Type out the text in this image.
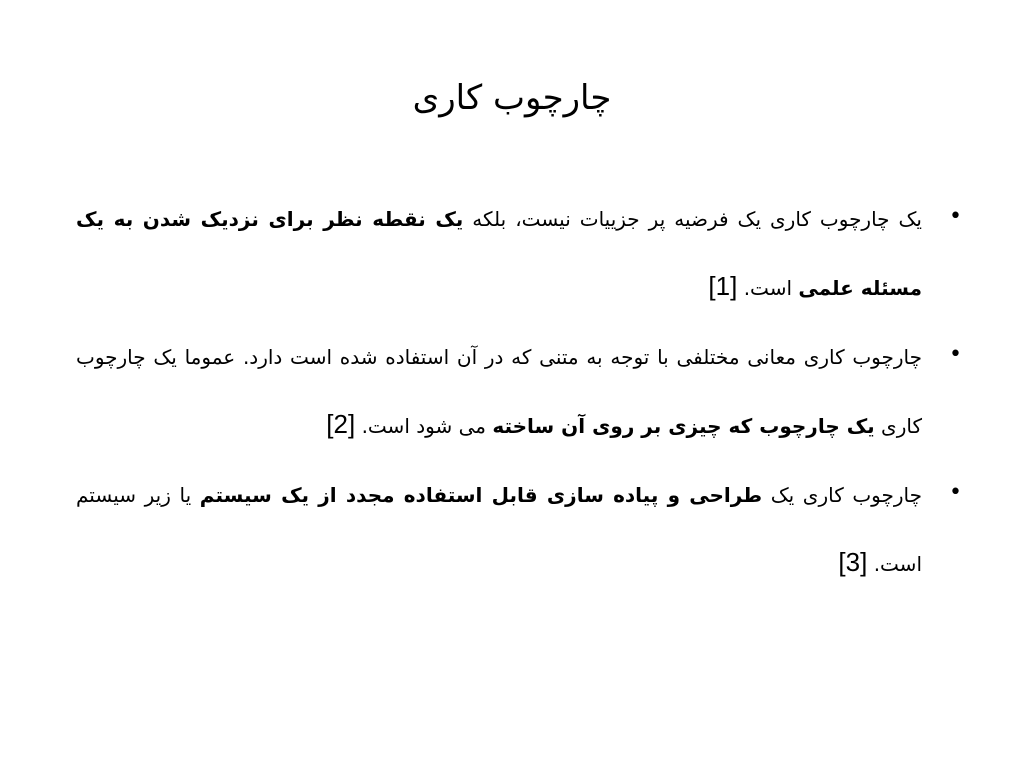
چارچوب کاری
•
یک چارچوب کاری یک فرضیه پر جزییات نیست، بلکه یک نقطه نظر برای نزدیک شدن به یک مسئله علمی است. [1]
•
چارچوب کاری معانی مختلفی با توجه به متنی که در آن استفاده شده است دارد. عموما یک چارچوب کاری یک چارچوب که چیزی بر روی آن ساخته می شود است. [2]
•
چارچوب کاری یک طراحی و پیاده سازی قابل استفاده مجدد از یک سیستم یا زیر سیستم است. [3]
